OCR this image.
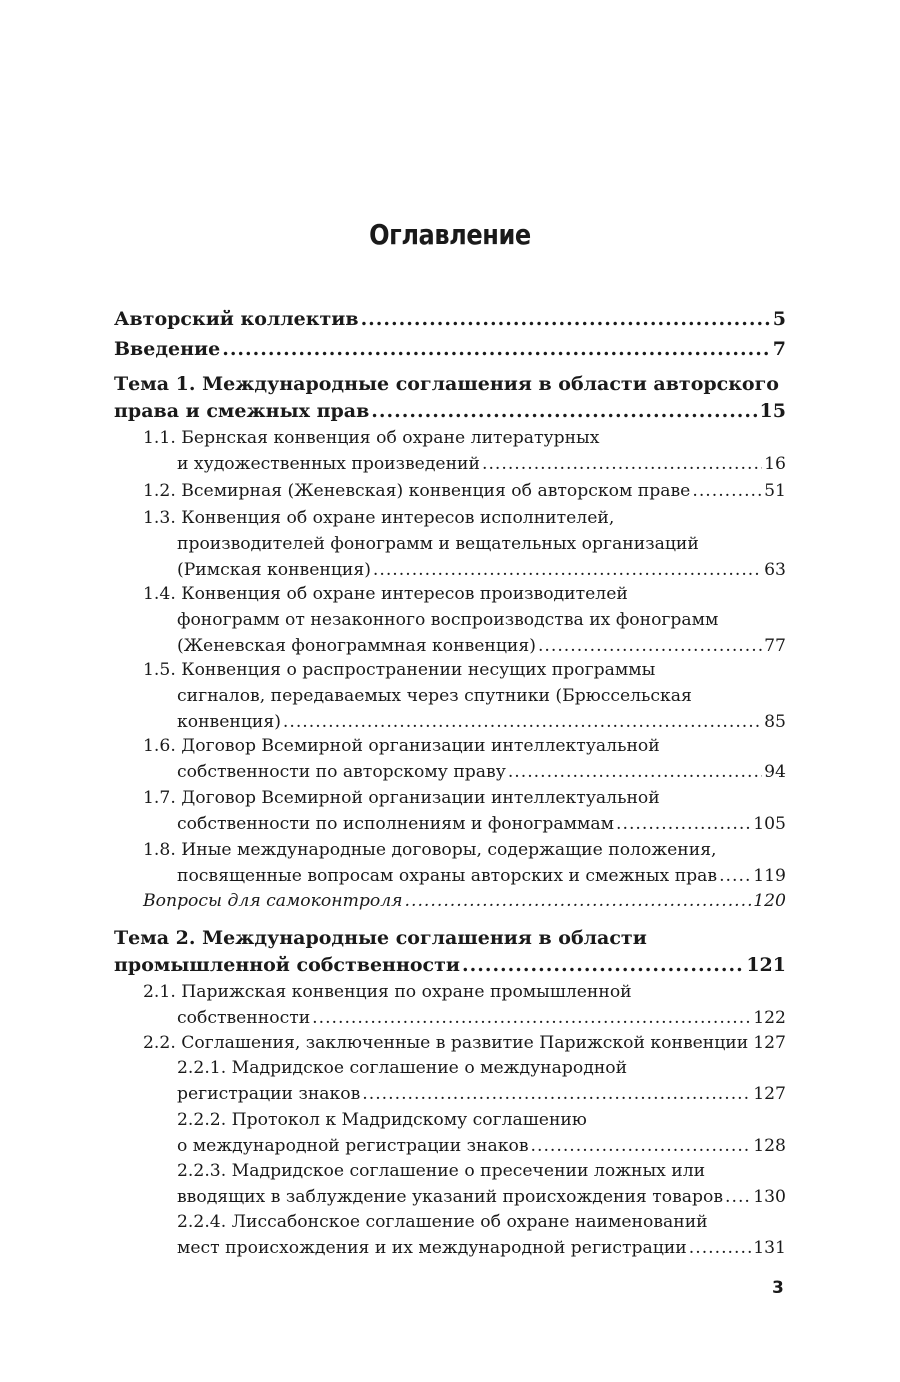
Оглавление
Авторский коллектив .....	5
Введение .....	7
Тема 1. Международные соглашения в области авторского
права и смежных прав .....	15
1.1. Бернская конвенция об охране литературных
и художественных произведений .....	16
1.2. Всемирная (Женевская) конвенция об авторском праве .....	51
1.3. Конвенция об охране интересов исполнителей,
производителей фонограмм и вещательных организаций
(Римская конвенция) .....	63
1.4. Конвенция об охране интересов производителей
фонограмм от незаконного воспроизводства их фонограмм
(Женевская фонограммная конвенция) .....	77
1.5. Конвенция о распространении несущих программы
сигналов, передаваемых через спутники (Брюссельская
конвенция) .....	85
1.6. Договор Всемирной организации интеллектуальной
собственности по авторскому праву .....	94
1.7. Договор Всемирной организации интеллектуальной
собственности по исполнениям и фонограммам .....	105
1.8. Иные международные договоры, содержащие положения,
посвященные вопросам охраны авторских и смежных прав ..... 119
Вопросы для самоконтроля .....	120
Тема 2. Международные соглашения в области
промышленной собственности .....	121
2.1. Парижская конвенция по охране промышленной
собственности .....	122
2.2. Соглашения, заключенные в развитие Парижской конвенции ..... 127
2.2.1. Мадридское соглашение о международной
регистрации знаков .....	127
2.2.2. Протокол к Мадридскому соглашению
о международной регистрации знаков .....	128
2.2.3. Мадридское соглашение о пресечении ложных или
вводящих в заблуждение указаний происхождения товаров ..... 130
2.2.4. Лиссабонское соглашение об охране наименований
мест происхождения и их международной регистрации .....	131
3
